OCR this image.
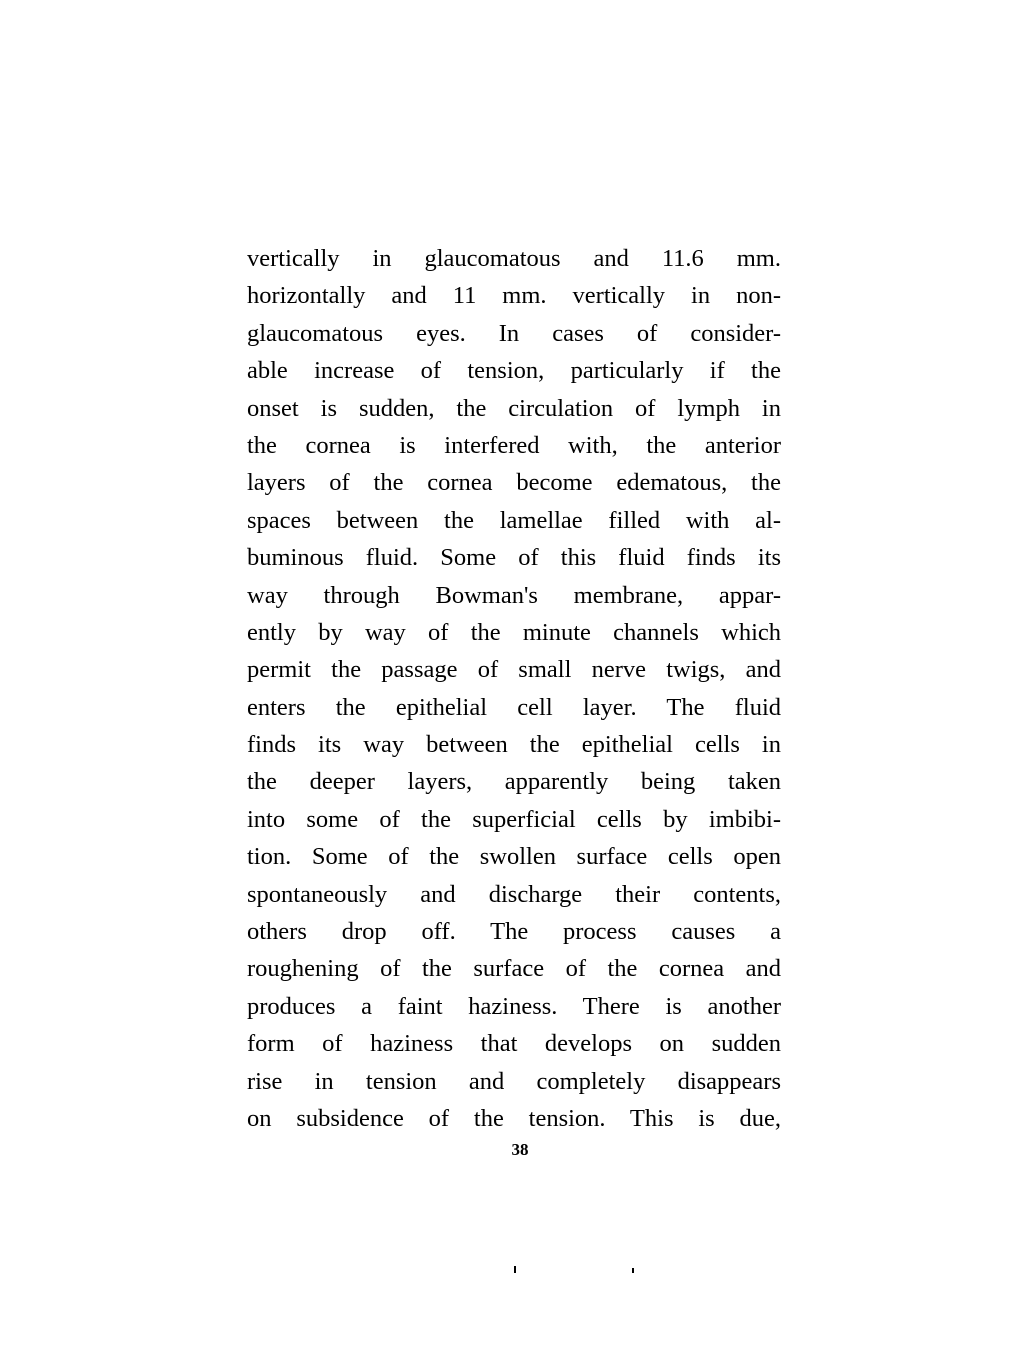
vertically in glaucomatous and 11.6 mm.
horizontally and 11 mm. vertically in non-
glaucomatous eyes. In cases of consider-
able increase of tension, particularly if the
onset is sudden, the circulation of lymph in
the cornea is interfered with, the anterior
layers of the cornea become edematous, the
spaces between the lamellae filled with al-
buminous fluid. Some of this fluid finds its
way through Bowman's membrane, appar-
ently by way of the minute channels which
permit the passage of small nerve twigs, and
enters the epithelial cell layer. The fluid
finds its way between the epithelial cells in
the deeper layers, apparently being taken
into some of the superficial cells by imbibi-
tion. Some of the swollen surface cells open
spontaneously and discharge their contents,
others drop off. The process causes a
roughening of the surface of the cornea and
produces a faint haziness. There is another
form of haziness that develops on sudden
rise in tension and completely disappears
on subsidence of the tension. This is due,
38
